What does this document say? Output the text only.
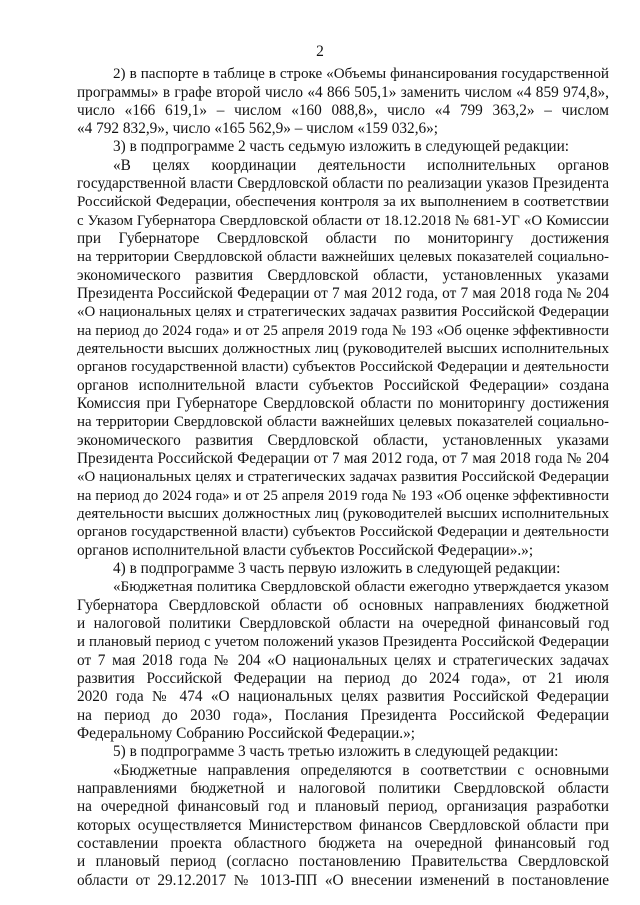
2
2) в паспорте в таблице в строке «Объемы финансирования государственной
программы» в графе второй число «4 866 505,1» заменить числом «4 859 974,8»,
число «166 619,1» – числом «160 088,8», число «4 799 363,2» – числом
«4 792 832,9», число «165 562,9» – числом «159 032,6»;
3) в подпрограмме 2 часть седьмую изложить в следующей редакции:
«В целях координации деятельности исполнительных органов
государственной власти Свердловской области по реализации указов Президента
Российской Федерации, обеспечения контроля за их выполнением в соответствии
с Указом Губернатора Свердловской области от 18.12.2018 № 681-УГ «О Комиссии
при Губернаторе Свердловской области по мониторингу достижения
на территории Свердловской области важнейших целевых показателей социально-
экономического развития Свердловской области, установленных указами
Президента Российской Федерации от 7 мая 2012 года, от 7 мая 2018 года № 204
«О национальных целях и стратегических задачах развития Российской Федерации
на период до 2024 года» и от 25 апреля 2019 года № 193 «Об оценке эффективности
деятельности высших должностных лиц (руководителей высших исполнительных
органов государственной власти) субъектов Российской Федерации и деятельности
органов исполнительной власти субъектов Российской Федерации» создана
Комиссия при Губернаторе Свердловской области по мониторингу достижения
на территории Свердловской области важнейших целевых показателей социально-
экономического развития Свердловской области, установленных указами
Президента Российской Федерации от 7 мая 2012 года, от 7 мая 2018 года № 204
«О национальных целях и стратегических задачах развития Российской Федерации
на период до 2024 года» и от 25 апреля 2019 года № 193 «Об оценке эффективности
деятельности высших должностных лиц (руководителей высших исполнительных
органов государственной власти) субъектов Российской Федерации и деятельности
органов исполнительной власти субъектов Российской Федерации».»;
4) в подпрограмме 3 часть первую изложить в следующей редакции:
«Бюджетная политика Свердловской области ежегодно утверждается указом
Губернатора Свердловской области об основных направлениях бюджетной
и налоговой политики Свердловской области на очередной финансовый год
и плановый период с учетом положений указов Президента Российской Федерации
от 7 мая 2018 года № 204 «О национальных целях и стратегических задачах
развития Российской Федерации на период до 2024 года», от 21 июля
2020 года № 474 «О национальных целях развития Российской Федерации
на период до 2030 года», Послания Президента Российской Федерации
Федеральному Собранию Российской Федерации.»;
5) в подпрограмме 3 часть третью изложить в следующей редакции:
«Бюджетные направления определяются в соответствии с основными
направлениями бюджетной и налоговой политики Свердловской области
на очередной финансовый год и плановый период, организация разработки
которых осуществляется Министерством финансов Свердловской области при
составлении проекта областного бюджета на очередной финансовый год
и плановый период (согласно постановлению Правительства Свердловской
области от 29.12.2017 № 1013-ПП «О внесении изменений в постановление
